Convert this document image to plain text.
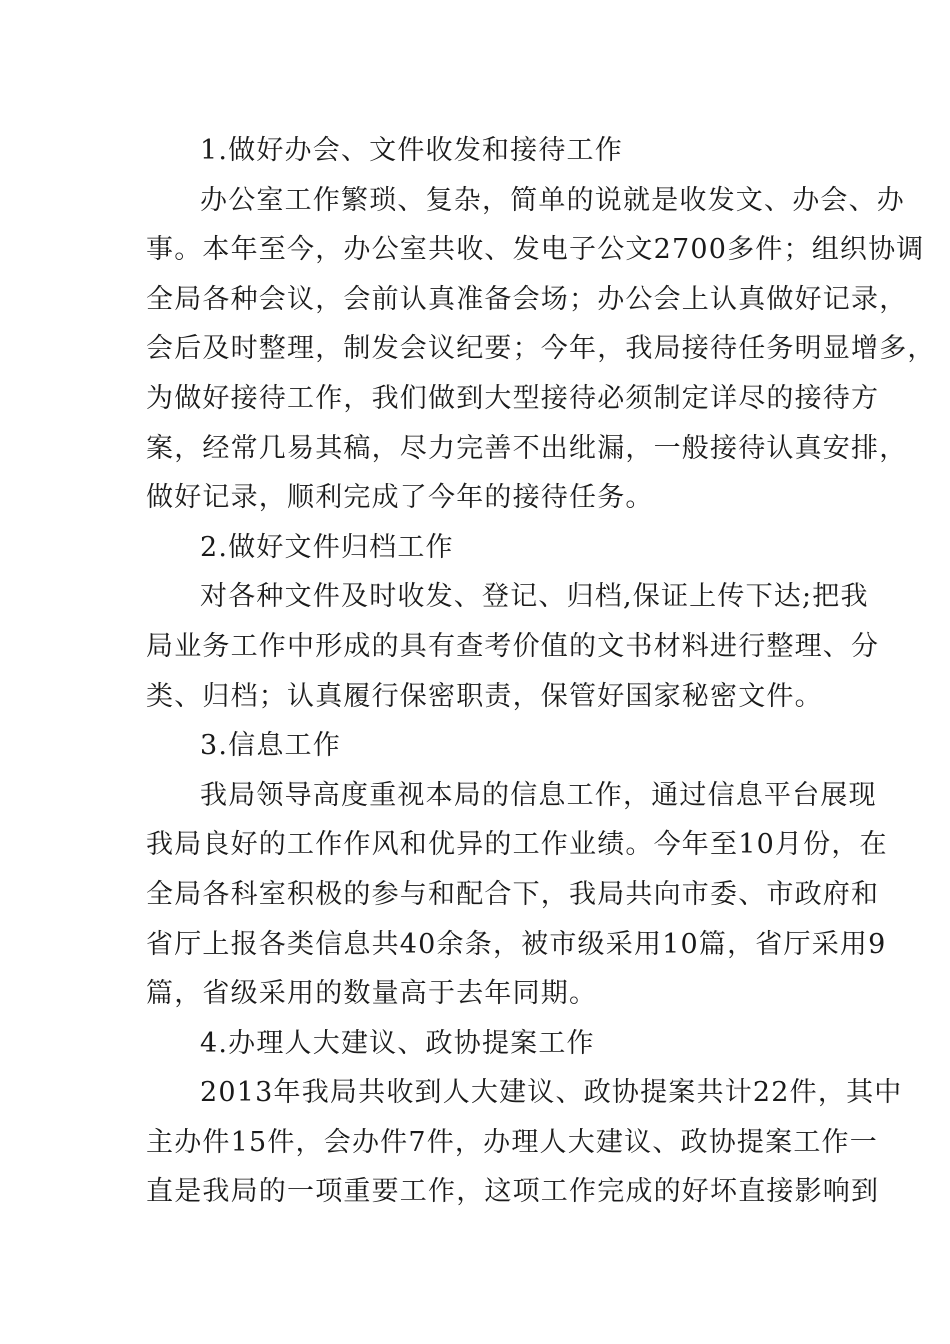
1.做好办会、文件收发和接待工作

办公室工作繁琐、复杂，简单的说就是收发文、办会、办

事。本年至今，办公室共收、发电子公文2700多件；组织协调

全局各种会议，会前认真准备会场；办公会上认真做好记录，

会后及时整理，制发会议纪要；今年，我局接待任务明显增多，

为做好接待工作，我们做到大型接待必须制定详尽的接待方

案，经常几易其稿，尽力完善不出纰漏，一般接待认真安排，

做好记录，顺利完成了今年的接待任务。

2.做好文件归档工作

对各种文件及时收发、登记、归档,保证上传下达;把我

局业务工作中形成的具有查考价值的文书材料进行整理、分

类、归档；认真履行保密职责，保管好国家秘密文件。

3.信息工作

我局领导高度重视本局的信息工作，通过信息平台展现

我局良好的工作作风和优异的工作业绩。今年至10月份，在

全局各科室积极的参与和配合下，我局共向市委、市政府和

省厅上报各类信息共40余条，被市级采用10篇，省厅采用9

篇，省级采用的数量高于去年同期。

4.办理人大建议、政协提案工作

2013年我局共收到人大建议、政协提案共计22件，其中

主办件15件，会办件7件，办理人大建议、政协提案工作一

直是我局的一项重要工作，这项工作完成的好坏直接影响到
